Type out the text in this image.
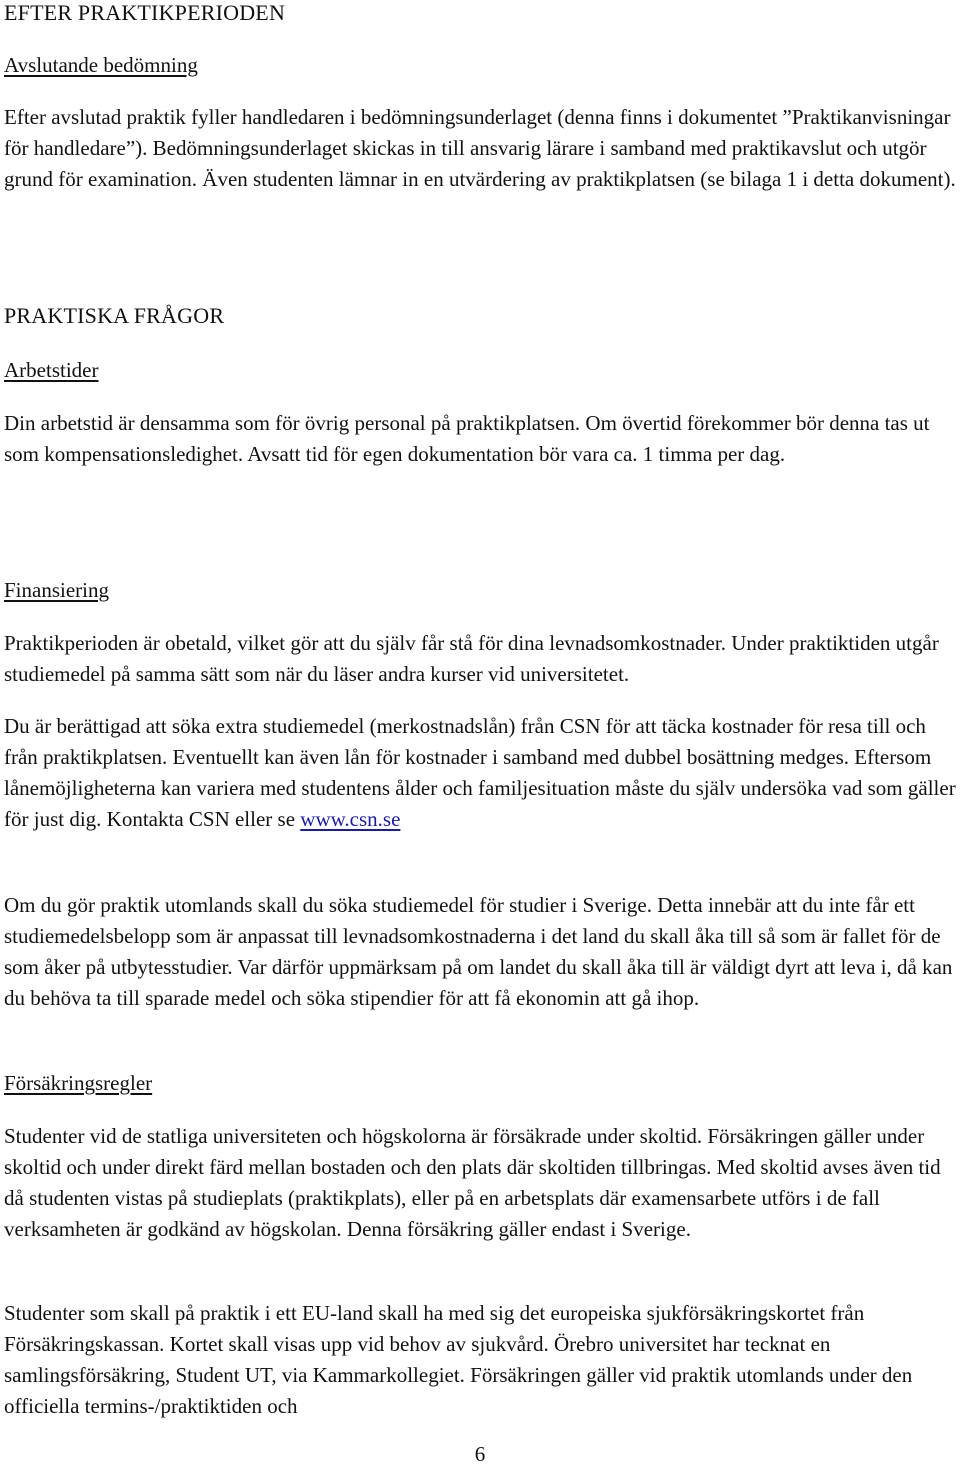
EFTER PRAKTIKPERIODEN

Avslutande bedömning

Efter avslutad praktik fyller handledaren i bedömningsunderlaget (denna finns i dokumentet ”Praktikanvisningar för handledare”). Bedömningsunderlaget skickas in till ansvarig lärare i samband med praktikavslut och utgör grund för examination. Även studenten lämnar in en utvärdering av praktikplatsen (se bilaga 1 i detta dokument).

PRAKTISKA FRÅGOR

Arbetstider

Din arbetstid är densamma som för övrig personal på praktikplatsen. Om övertid förekommer bör denna tas ut som kompensationsledighet. Avsatt tid för egen dokumentation bör vara ca. 1 timma per dag.

Finansiering

Praktikperioden är obetald, vilket gör att du själv får stå för dina levnadsomkostnader. Under praktiktiden utgår studiemedel på samma sätt som när du läser andra kurser vid universitetet.

Du är berättigad att söka extra studiemedel (merkostnadslån) från CSN för att täcka kostnader för resa till och från praktikplatsen. Eventuellt kan även lån för kostnader i samband med dubbel bosättning medges. Eftersom lånemöjligheterna kan variera med studentens ålder och familjesituation måste du själv undersöka vad som gäller för just dig. Kontakta CSN eller se www.csn.se

Om du gör praktik utomlands skall du söka studiemedel för studier i Sverige. Detta innebär att du inte får ett studiemedelsbelopp som är anpassat till levnadsomkostnaderna i det land du skall åka till så som är fallet för de som åker på utbytesstudier. Var därför uppmärksam på om landet du skall åka till är väldigt dyrt att leva i, då kan du behöva ta till sparade medel och söka stipendier för att få ekonomin att gå ihop.

Försäkringsregler

Studenter vid de statliga universiteten och högskolorna är försäkrade under skoltid. Försäkringen gäller under skoltid och under direkt färd mellan bostaden och den plats där skoltiden tillbringas. Med skoltid avses även tid då studenten vistas på studieplats (praktikplats), eller på en arbetsplats där examensarbete utförs i de fall verksamheten är godkänd av högskolan. Denna försäkring gäller endast i Sverige.

Studenter som skall på praktik i ett EU-land skall ha med sig det europeiska sjukförsäkringskortet från Försäkringskassan. Kortet skall visas upp vid behov av sjukvård. Örebro universitet har tecknat en samlingsförsäkring, Student UT, via Kammarkollegiet. Försäkringen gäller vid praktik utomlands under den officiella termins-/praktiktiden och

6
